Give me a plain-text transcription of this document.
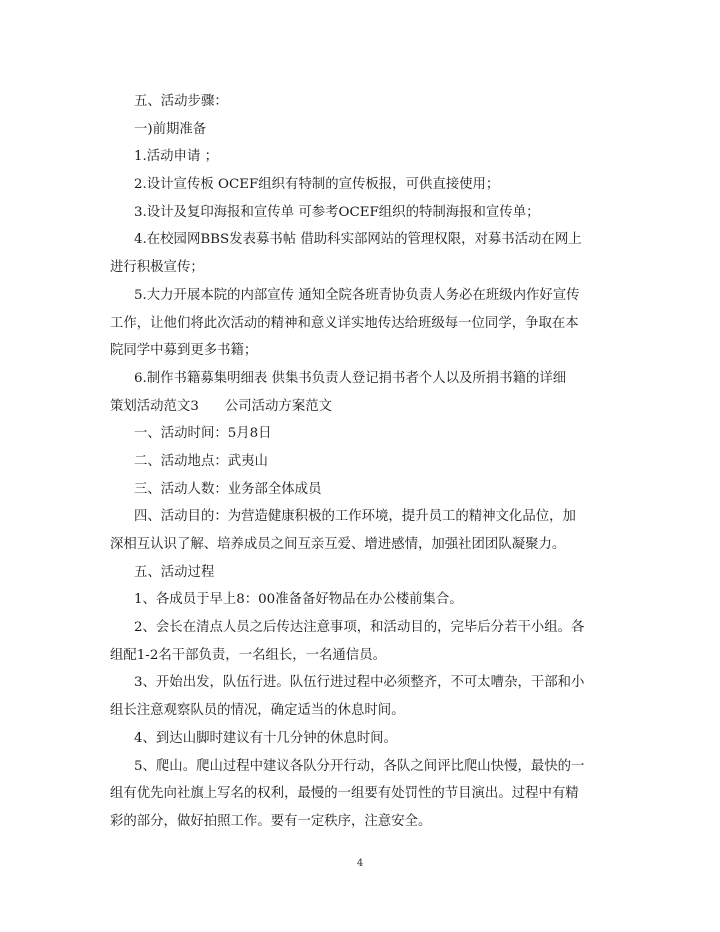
五、活动步骤：
一)前期准备
1.活动申请 ；
2.设计宣传板 OCEF组织有特制的宣传板报，可供直接使用；
3.设计及复印海报和宣传单 可参考OCEF组织的特制海报和宣传单；
4.在校园网BBS发表募书帖 借助科实部网站的管理权限，对募书活动在网上
进行积极宣传；
5.大力开展本院的内部宣传 通知全院各班青协负责人务必在班级内作好宣传
工作，让他们将此次活动的精神和意义详实地传达给班级每一位同学，争取在本
院同学中募到更多书籍；
6.制作书籍募集明细表 供集书负责人登记捐书者个人以及所捐书籍的详细
策划活动范文3 公司活动方案范文
一、活动时间：5月8日
二、活动地点：武夷山
三、活动人数：业务部全体成员
四、活动目的：为营造健康积极的工作环境，提升员工的精神文化品位，加
深相互认识了解、培养成员之间互亲互爱、增进感情，加强社团团队凝聚力。
五、活动过程
1、各成员于早上8：00准备备好物品在办公楼前集合。
2、会长在清点人员之后传达注意事项，和活动目的，完毕后分若干小组。各
组配1-2名干部负责，一名组长，一名通信员。
3、开始出发，队伍行进。队伍行进过程中必须整齐，不可太嘈杂，干部和小
组长注意观察队员的情况，确定适当的休息时间。
4、到达山脚时建议有十几分钟的休息时间。
5、爬山。爬山过程中建议各队分开行动，各队之间评比爬山快慢，最快的一
组有优先向社旗上写名的权利，最慢的一组要有处罚性的节目演出。过程中有精
彩的部分，做好拍照工作。要有一定秩序，注意安全。
4
